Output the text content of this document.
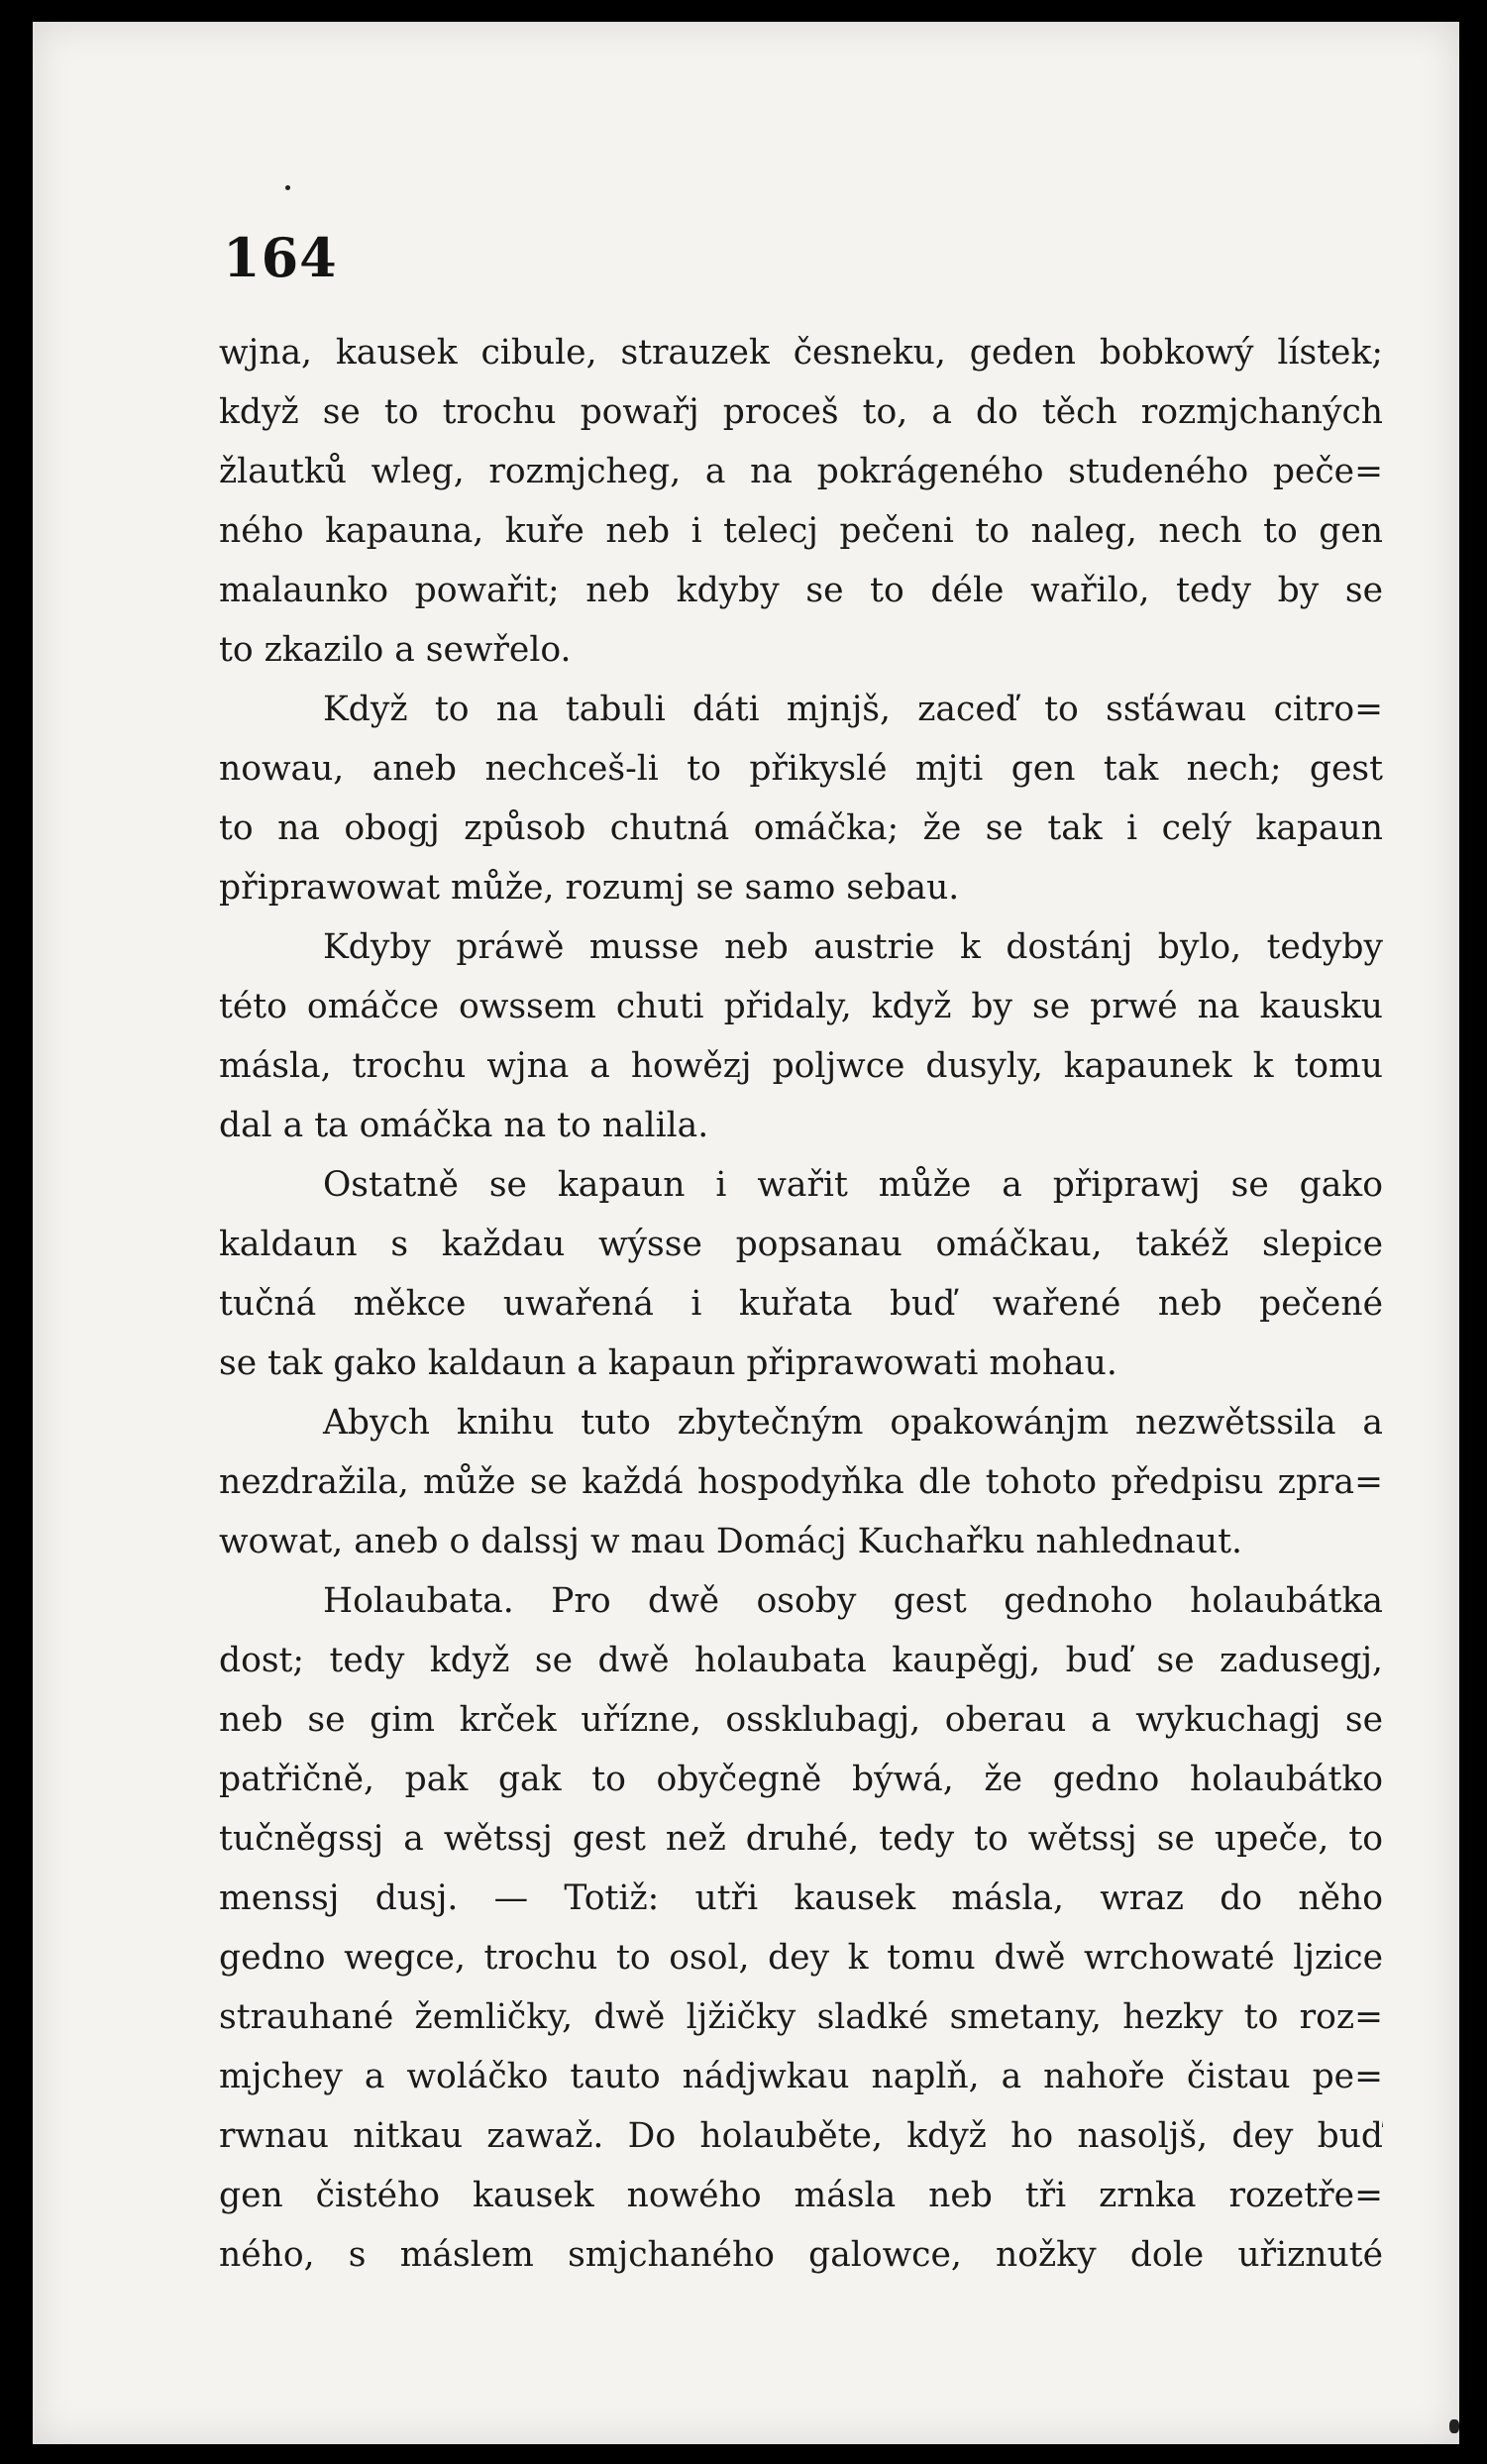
164
wjna, kausek cibule, strauzek česneku, geden bobkowý lístek;
když se to trochu powařj proceš to, a do těch rozmjchaných
žlautků wleg, rozmjcheg, a na pokrágeného studeného peče=
ného kapauna, kuře neb i telecj pečeni to naleg, nech to gen
malaunko powařit; neb kdyby se to déle wařilo, tedy by se
to zkazilo a sewřelo.
Když to na tabuli dáti mjnjš, zaceď to ssťáwau citro=
nowau, aneb nechceš-li to přikyslé mjti gen tak nech; gest
to na obogj způsob chutná omáčka; že se tak i celý kapaun
připrawowat může, rozumj se samo sebau.
Kdyby práwě musse neb austrie k dostánj bylo, tedyby
této omáčce owssem chuti přidaly, když by se prwé na kausku
másla, trochu wjna a howězj poljwce dusyly, kapaunek k tomu
dal a ta omáčka na to nalila.
Ostatně se kapaun i wařit může a připrawj se gako
kaldaun s každau wýsse popsanau omáčkau, takéž slepice
tučná měkce uwařená i kuřata buď wařené neb pečené
se tak gako kaldaun a kapaun připrawowati mohau.
Abych knihu tuto zbytečným opakowánjm nezwětssila a
nezdražila, může se každá hospodyňka dle tohoto předpisu zpra=
wowat, aneb o dalssj w mau Domácj Kuchařku nahlednaut.
Holaubata. Pro dwě osoby gest gednoho holaubátka
dost; tedy když se dwě holaubata kaupěgj, buď se zadusegj,
neb se gim krček uřízne, ossklubagj, oberau a wykuchagj se
patřičně, pak gak to obyčegně býwá, že gedno holaubátko
tučněgssj a wětssj gest než druhé, tedy to wětssj se upeče, to
menssj dusj. — Totiž: utři kausek másla, wraz do něho
gedno wegce, trochu to osol, dey k tomu dwě wrchowaté ljzice
strauhané žemličky, dwě ljžičky sladké smetany, hezky to roz=
mjchey a woláčko tauto nádjwkau naplň, a nahoře čistau pe=
rwnau nitkau zawaž. Do holauběte, když ho nasoljš, dey buď
gen čistého kausek nowého másla neb tři zrnka rozetře=
ného, s máslem smjchaného galowce, nožky dole uřiznuté
